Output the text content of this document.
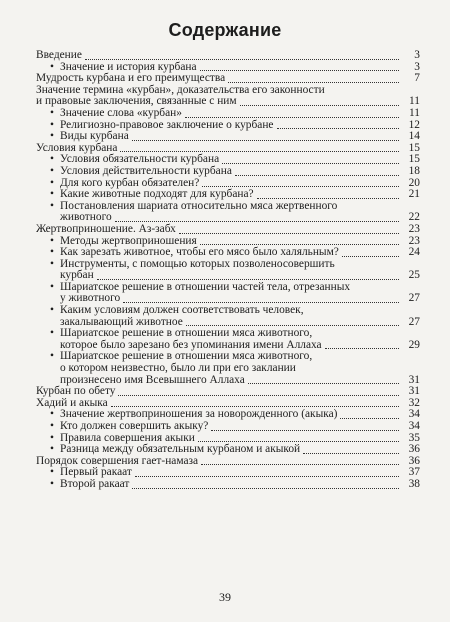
Содержание
Введение	3
• Значение и история курбана	3
Мудрость курбана и его преимущества	7
Значение термина «курбан», доказательства его законности
и правовые заключения, связанные с ним	11
• Значение слова «курбан»	11
• Религиозно-правовое заключение о курбане	12
• Виды курбана	14
Условия курбана	15
• Условия обязательности курбана	15
• Условия действительности курбана	18
• Для кого курбан обязателен?	20
• Какие животные подходят для курбана?	21
• Постановления шариата относительно мяса жертвенного
животного	22
Жертвоприношение. Аз-забх	23
• Методы жертвоприношения	23
• Как зарезать животное, чтобы его мясо было халяльным?	24
• Инструменты, с помощью которых позволеносовершить
курбан	25
• Шариатское решение в отношении частей тела, отрезанных
у животного	27
• Каким условиям должен соответствовать человек,
закалывающий животное	27
• Шариатское решение в отношении мяса животного,
которое было зарезано без упоминания имени Аллаха	29
• Шариатское решение в отношении мяса животного,
о котором неизвестно, было ли при его заклании
произнесено имя Всевышнего Аллаха	31
Курбан по обету	31
Хадий и акыка	32
• Значение жертвоприношения за новорожденного (акыка)	34
• Кто должен совершить акыку?	34
• Правила совершения акыки	35
• Разница между обязательным курбаном и акыкой	36
Порядок совершения гает-намаза	36
• Первый ракаат	37
• Второй ракаат	38
39
